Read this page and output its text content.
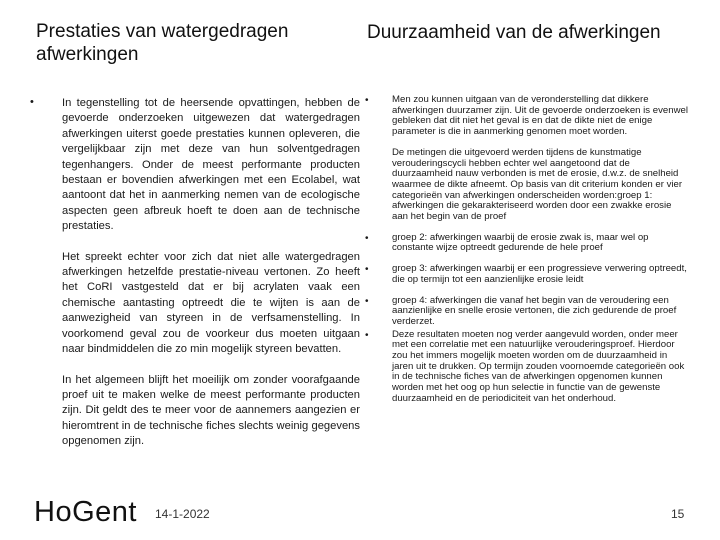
Prestaties van watergedragen afwerkingen
Duurzaamheid van de afwerkingen
•	In tegenstelling tot de heersende opvattingen, hebben de gevoerde onderzoeken uitgewezen dat watergedragen afwerkingen uiterst goede prestaties kunnen opleveren, die vergelijkbaar zijn met deze van hun solventgedragen tegenhangers. Onder de meest performante producten bestaan er bovendien afwerkingen met een Ecolabel, wat aantoont dat het in aanmerking nemen van de ecologische aspecten geen afbreuk hoeft te doen aan de technische prestaties.

Het spreekt echter voor zich dat niet alle watergedragen afwerkingen hetzelfde prestatie-niveau vertonen. Zo heeft het CoRI vastgesteld dat er bij acrylaten vaak een chemische aantasting optreedt die te wijten is aan de aanwezigheid van styreen in de verfsamenstelling. In voorkomend geval zou de voorkeur dus moeten uitgaan naar bindmiddelen die zo min mogelijk styreen bevatten.

In het algemeen blijft het moeilijk om zonder voorafgaande proef uit te maken welke de meest performante producten zijn. Dit geldt des te meer voor de aannemers aangezien er hieromtrent in de technische fiches slechts weinig gegevens opgenomen zijn.

• Men zou kunnen uitgaan van de veronderstelling dat dikkere afwerkingen duurzamer zijn. Uit de gevoerde onderzoeken is evenwel gebleken dat dit niet het geval is en dat de dikte niet de enige parameter is die in aanmerking genomen moet worden.

De metingen die uitgevoerd werden tijdens de kunstmatige verouderingscycli hebben echter wel aangetoond dat de duurzaamheid nauw verbonden is met de erosie, d.w.z. de snelheid waarmee de dikte afneemt. Op basis van dit criterium konden er vier categorieën van afwerkingen onderscheiden worden:groep 1: afwerkingen die gekarakteriseerd worden door een zwakke erosie aan het begin van de proef

• groep 2: afwerkingen waarbij de erosie zwak is, maar wel op constante wijze optreedt gedurende de hele proef

• groep 3: afwerkingen waarbij er een progressieve verwering optreedt, die op termijn tot een aanzienlijke erosie leidt

• groep 4: afwerkingen die vanaf het begin van de veroudering een aanzienlijke en snelle erosie vertonen, die zich gedurende de proef verderzet.

• Deze resultaten moeten nog verder aangevuld worden, onder meer met een correlatie met een natuurlijke verouderingsproef. Hierdoor zou het immers mogelijk moeten worden om de duurzaamheid in jaren uit te drukken. Op termijn zouden voornoemde categorieën ook in de technische fiches van de afwerkingen opgenomen kunnen worden met het oog op hun selectie in functie van de gewenste duurzaamheid en de periodiciteit van het onderhoud.

HoGent 14-1-2022	15
